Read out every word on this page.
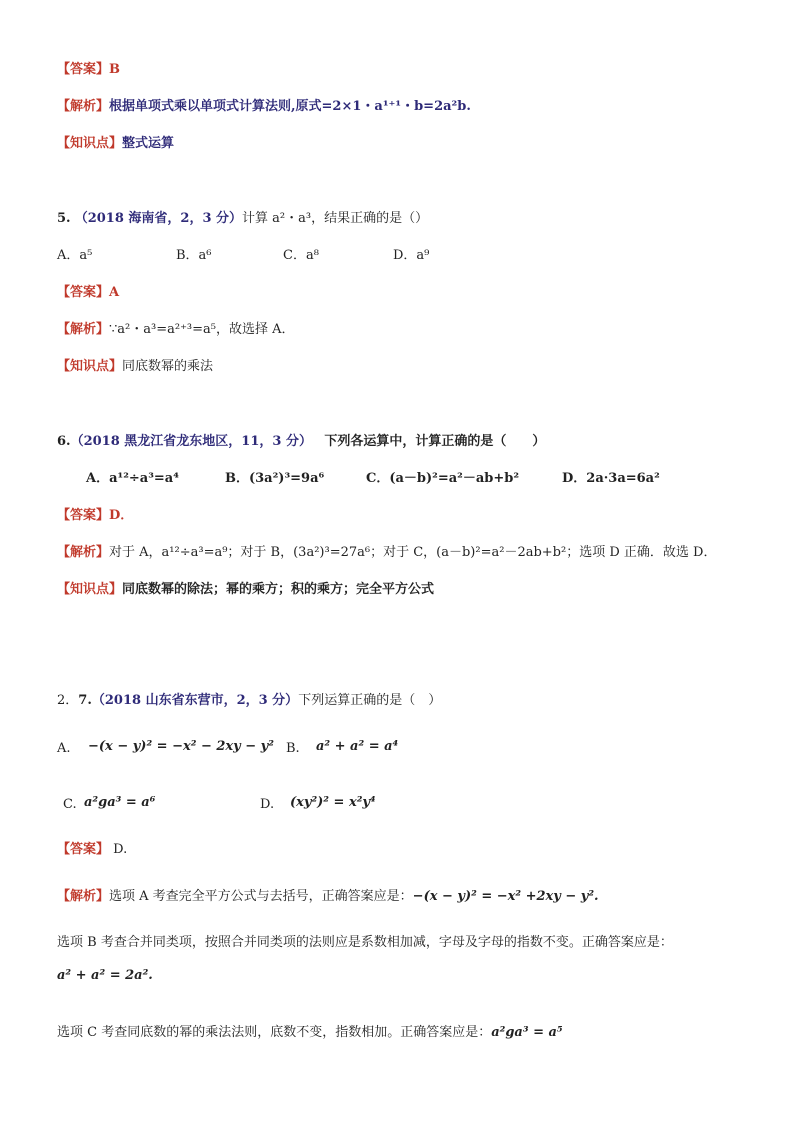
【答案】B
【解析】根据单项式乘以单项式计算法则,原式=2×1・a¹⁺¹・b=2a²b.
【知识点】整式运算
5. （2018 海南省，2，3 分）计算 a²・a³，结果正确的是（）
A．a⁵	B．a⁶	C．a⁸	D．a⁹
【答案】A
【解析】∵a²・a³=a²⁺³=a⁵，故选择 A．
【知识点】同底数幂的乘法
6.（2018 黑龙江省龙东地区，11，3 分） 下列各运算中，计算正确的是（　　）
A．a¹²÷a³=a⁴	B．(3a²)³=9a⁶	C．(a－b)²=a²－ab+b²	D．2a·3a=6a²
【答案】D．
【解析】对于 A，a¹²÷a³=a⁹；对于 B，(3a²)³=27a⁶；对于 C，(a－b)²=a²－2ab+b²；选项 D 正确．故选 D．
【知识点】同底数幂的除法；幂的乘方；积的乘方；完全平方公式
2．7.（2018 山东省东营市，2，3 分）下列运算正确的是（　）
A. −(x − y)² = −x² − 2xy − y² B. a² + a² = a⁴
C. a²gа³ = a⁶	D. (xy²)² = x²y⁴
【答案】 D.
【解析】选项 A 考查完全平方公式与去括号，正确答案应是：−(x − y)² = −x² +2xy − y².
选项 B 考查合并同类项，按照合并同类项的法则应是系数相加减，字母及字母的指数不变。正确答案应是：
a² + a² = 2a².
选项 C 考查同底数的幂的乘法法则，底数不变，指数相加。正确答案应是：a²gа³ = a⁵
